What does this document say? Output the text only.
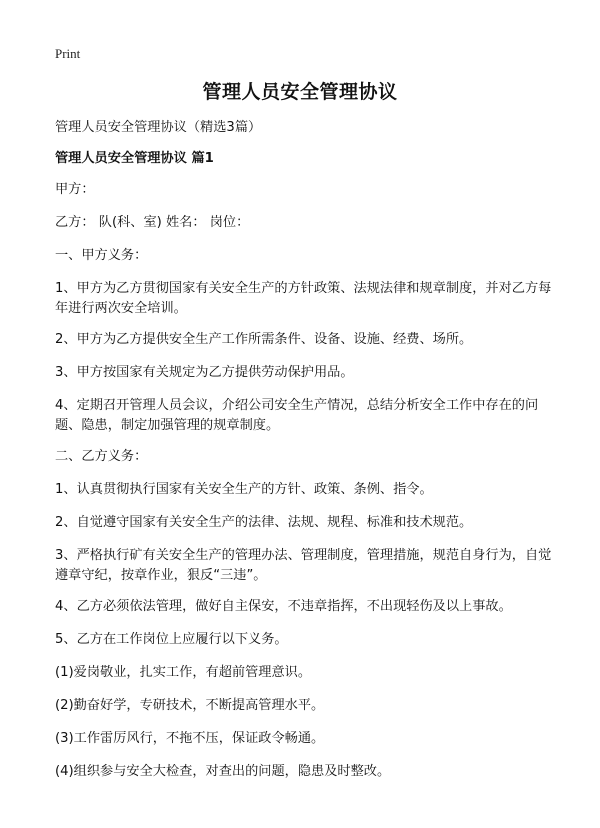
Print
管理人员安全管理协议

管理人员安全管理协议（精选3篇）

管理人员安全管理协议 篇1

甲方：

乙方： 队(科、室) 姓名： 岗位：

一、甲方义务：

1、甲方为乙方贯彻国家有关安全生产的方针政策、法规法律和规章制度，并对乙方每年进行两次安全培训。

2、甲方为乙方提供安全生产工作所需条件、设备、设施、经费、场所。

3、甲方按国家有关规定为乙方提供劳动保护用品。

4、定期召开管理人员会议，介绍公司安全生产情况，总结分析安全工作中存在的问题、隐患，制定加强管理的规章制度。

二、乙方义务：

1、认真贯彻执行国家有关安全生产的方针、政策、条例、指令。

2、自觉遵守国家有关安全生产的法律、法规、规程、标准和技术规范。

3、严格执行矿有关安全生产的管理办法、管理制度，管理措施，规范自身行为，自觉遵章守纪，按章作业，狠反“三违”。

4、乙方必须依法管理，做好自主保安，不违章指挥，不出现轻伤及以上事故。

5、乙方在工作岗位上应履行以下义务。

(1)爱岗敬业，扎实工作，有超前管理意识。

(2)勤奋好学，专研技术，不断提高管理水平。

(3)工作雷厉风行，不拖不压，保证政令畅通。

(4)组织参与安全大检查，对查出的问题，隐患及时整改。
